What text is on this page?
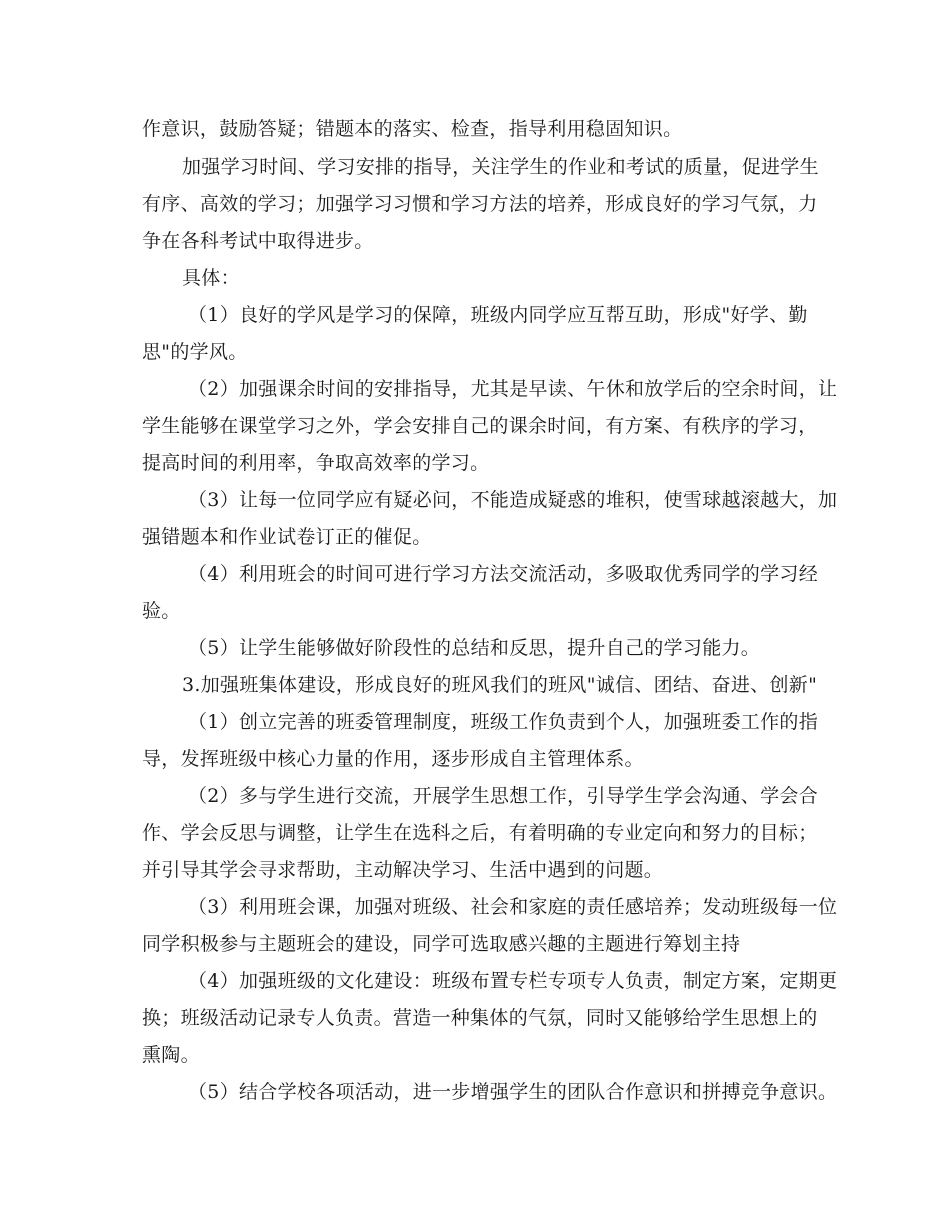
作意识，鼓励答疑；错题本的落实、检查，指导利用稳固知识。
加强学习时间、学习安排的指导，关注学生的作业和考试的质量，促进学生
有序、高效的学习；加强学习习惯和学习方法的培养，形成良好的学习气氛，力
争在各科考试中取得进步。
具体：
（1）良好的学风是学习的保障，班级内同学应互帮互助，形成"好学、勤
思"的学风。
（2）加强课余时间的安排指导，尤其是早读、午休和放学后的空余时间，让
学生能够在课堂学习之外，学会安排自己的课余时间，有方案、有秩序的学习，
提高时间的利用率，争取高效率的学习。
（3）让每一位同学应有疑必问，不能造成疑惑的堆积，使雪球越滚越大，加
强错题本和作业试卷订正的催促。
（4）利用班会的时间可进行学习方法交流活动，多吸取优秀同学的学习经
验。
（5）让学生能够做好阶段性的总结和反思，提升自己的学习能力。
3.加强班集体建设，形成良好的班风我们的班风"诚信、团结、奋进、创新"
（1）创立完善的班委管理制度，班级工作负责到个人，加强班委工作的指
导，发挥班级中核心力量的作用，逐步形成自主管理体系。
（2）多与学生进行交流，开展学生思想工作，引导学生学会沟通、学会合
作、学会反思与调整，让学生在选科之后，有着明确的专业定向和努力的目标；
并引导其学会寻求帮助，主动解决学习、生活中遇到的问题。
（3）利用班会课，加强对班级、社会和家庭的责任感培养；发动班级每一位
同学积极参与主题班会的建设，同学可选取感兴趣的主题进行筹划主持
（4）加强班级的文化建设：班级布置专栏专项专人负责，制定方案，定期更
换；班级活动记录专人负责。营造一种集体的气氛，同时又能够给学生思想上的
熏陶。
（5）结合学校各项活动，进一步增强学生的团队合作意识和拼搏竞争意识。
